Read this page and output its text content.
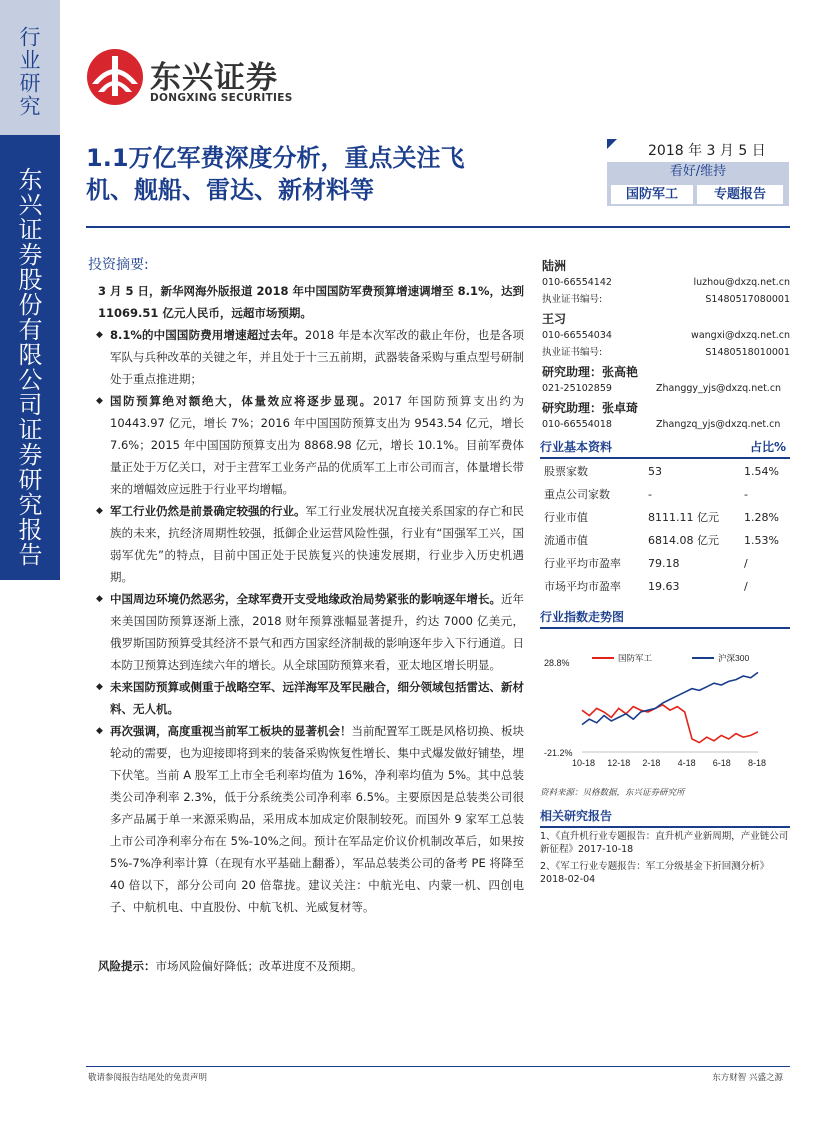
行业研究
东兴证券股份有限公司证券研究报告
东兴证券
DONGXING SECURITIES
1.1万亿军费深度分析，重点关注飞机、舰船、雷达、新材料等
2018 年 3 月 5 日
看好/维持
国防军工	专题报告
投资摘要:

3 月 5 日，新华网海外版报道 2018 年中国国防军费预算增速调增至 8.1%，达到 11069.51 亿元人民币，远超市场预期。

◆ 8.1%的中国国防费用增速超过去年。2018 年是本次军改的截止年份，也是各项军队与兵种改革的关键之年，并且处于十三五前期，武器装备采购与重点型号研制处于重点推进期；

◆ 国防预算绝对额绝大，体量效应将逐步显现。2017 年国防预算支出约为 10443.97 亿元，增长 7%；2016 年中国国防预算支出为 9543.54 亿元，增长 7.6%；2015 年中国国防预算支出为 8868.98 亿元，增长 10.1%。目前军费体量正处于万亿关口，对于主营军工业务产品的优质军工上市公司而言，体量增长带来的增幅效应远胜于行业平均增幅。

◆ 军工行业仍然是前景确定较强的行业。军工行业发展状况直接关系国家的存亡和民族的未来，抗经济周期性较强，抵御企业运营风险性强，行业有“国强军工兴，国弱军优先”的特点，目前中国正处于民族复兴的快速发展期，行业步入历史机遇期。

◆ 中国周边环境仍然恶劣，全球军费开支受地缘政治局势紧张的影响逐年增长。近年来美国国防预算逐渐上涨，2018 财年预算涨幅显著提升，约达 7000 亿美元，俄罗斯国防预算受其经济不景气和西方国家经济制裁的影响逐年步入下行通道。日本防卫预算达到连续六年的增长。从全球国防预算来看，亚太地区增长明显。

◆ 未来国防预算或侧重于战略空军、远洋海军及军民融合，细分领域包括雷达、新材料、无人机。

◆ 再次强调，高度重视当前军工板块的显著机会！当前配置军工既是风格切换、板块轮动的需要，也为迎接即将到来的装备采购恢复性增长、集中式爆发做好铺垫，埋下伏笔。当前 A 股军工上市全毛利率均值为 16%，净利率均值为 5%。其中总装类公司净利率 2.3%，低于分系统类公司净利率 6.5%。主要原因是总装类公司很多产品属于单一来源采购品，采用成本加成定价限制较死。而国外 9 家军工总装上市公司净利率分布在 5%-10%之间。预计在军品定价议价机制改革后，如果按 5%-7%净利率计算（在现有水平基础上翻番），军品总装类公司的备考 PE 将降至 40 倍以下，部分公司向 20 倍靠拢。建议关注：中航光电、内蒙一机、四创电子、中航机电、中直股份、中航飞机、光威复材等。

风险提示：市场风险偏好降低；改革进度不及预期。
陆洲
010-66554142	luzhou@dxzq.net.cn
执业证书编号:	S1480517080001
王习
010-66554034	wangxi@dxzq.net.cn
执业证书编号:	S1480518010001
研究助理：张高艳
021-25102859	Zhanggy_yjs@dxzq.net.cn
研究助理：张卓琦
010-66554018	Zhangzq_yjs@dxzq.net.cn
行业基本资料	占比%
股票家数	53	1.54%
重点公司家数	-	-
行业市值	8111.11 亿元 1.28%
流通市值	6814.08 亿元 1.53%
行业平均市盈率 79.18	/
市场平均市盈率 19.63	/
行业指数走势图
28.8%
-21.2%
10-18 12-18 2-18 4-18 6-18 8-18
国防军工	沪深300
资料来源：贝格数据，东兴证券研究所
相关研究报告
1、《直升机行业专题报告：直升机产业新周期，产业链公司新征程》2017-10-18
2、《军工行业专题报告：军工分级基金下折回测分析》2018-02-04
敬请参阅报告结尾处的免责声明	东方财智 兴盛之源
